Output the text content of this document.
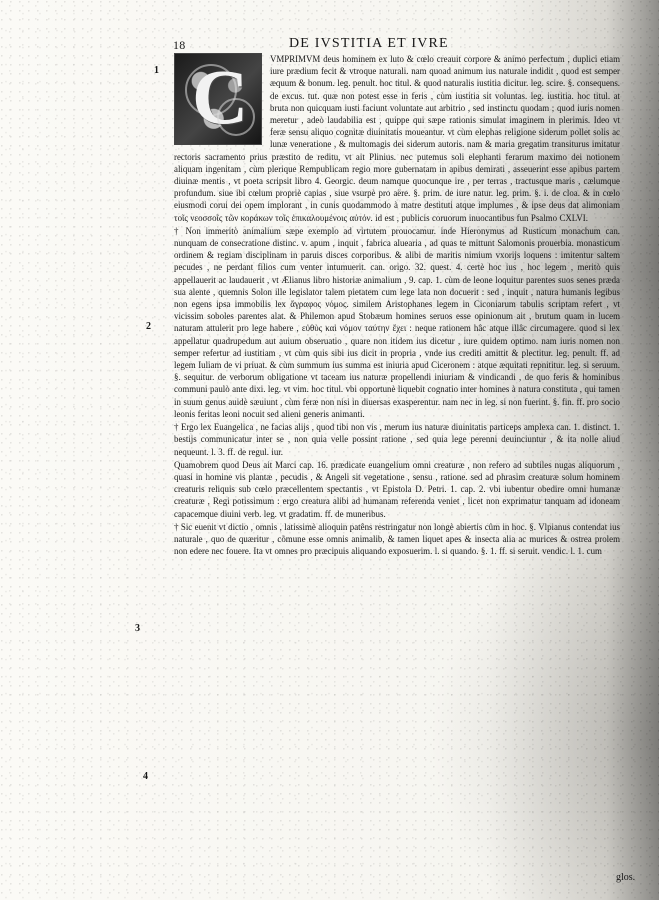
18	DE IVSTITIA ET IVRE
1
2
3
4

C VMPRIMVM deus hominem ex luto & cœlo creauit corpore & animo perfectum , duplici etiam iure prædium fecit & vtroque naturali. nam quoad animum ius naturale indidit , quod est semper æquum & bonum. leg. penult. hoc titul. & quod naturalis iustitia dicitur. leg. scire. §. consequens. de excus. tut. quæ non potest esse in feris , cùm iustitia sit voluntas. leg. iustitia. hoc titul. at bruta non quicquam iusti faciunt voluntate aut arbitrio , sed instinctu quodam ; quod iuris nomen meretur , adeò laudabilia est , quippe qui sæpe rationis simulat imaginem in plerimis. Ideo vt feræ sensu aliquo cognitæ diuinitatis moueantur. vt cùm elephas religione siderum pollet solis ac lunæ veneratione , & multomagis dei siderum autoris. nam & maria gregatim transiturus imitatur rectoris sacramento prius præstito de reditu, vt ait Plinius. nec putemus soli elephanti ferarum maximo dei notionem aliquam ingenitam , cùm plerique Rempublicam regio more gubernatam in apibus demirati , asseuerint esse apibus partem diuinæ mentis , vt poeta scripsit libro 4. Georgic. deum namque quocunque ire , per terras , tractusque maris , cælumque profundum. siue ibi cœlum propriè capias , siue vsurpè pro aëre. §. prim. de iure natur. leg. prim. §. i. de cloa. & in cœlo eiusmodi corui dei opem implorant , in cunis quodammodo à matre destituti atque implumes , & ipse deus dat alimoniam τοῖς νεοσσοῖς τῶν κοράκων τοῖς ἐπικαλουμένοις αὐτόν. id est , publicis coruorum inuocantibus fun Psalmo CXLVI.

† Non immeritò animalium sæpe exemplo ad virtutem prouocamur. inde Hieronymus ad Rusticum monachum can. nunquam de consecratione distinc. v. apum , inquit , fabrica aluearia , ad quas te mittunt Salomonis prouerbia. monasticum ordinem & regiam disciplinam in paruis disces corporibus. & alibi de maritis nimium vxorijs loquens : imitentur saltem pecudes , ne perdant filios cum venter intumuerit. can. origo. 32. quest. 4. certè hoc ius , hoc legem , meritò quis appellauerit ac laudauerit , vt Ælianus libro historiæ animalium , 9. cap. 1. cùm de leone loquitur parentes suos senes præda sua alente , quemnis Solon ille legislator talem pietatem cum lege lata non docuerit : sed , inquit , natura humanis legibus non egens ipsa immobilis lex ἄγραφος νόμος. similem Aristophanes legem in Ciconiarum tabulis scriptam refert , vt vicissim soboles parentes alat. & Philemon apud Stobæum homines seruos esse opinionum ait , brutum quam in lucem naturam attulerit pro lege habere , εὐθὺς καὶ νόμον ταύτην ἔχει : neque rationem hâc atque illâc circumagere. quod si lex appellatur quadrupedum aut auium obseruatio , quare non itidem ius dicetur , iure quidem optimo. nam iuris nomen non semper refertur ad iustitiam , vt cùm quis sibi ius dicit in propria , vnde ius crediti amittit & plectitur. leg. penult. ff. ad legem Iuliam de vi priuat. & cùm summum ius summa est iniuria apud Ciceronem : atque æquitati repnititur. leg. si seruum. §. sequitur. de verborum obligatione vt taceam ius naturæ propellendi iniuriam & vindicandi , de quo feris & hominibus communi paulò ante dixi. leg. vt vim. hoc titul. vbi opportunè liquebit cognatio inter homines à natura constituta , qui tamen in suum genus auidè sæuiunt , cùm feræ non nisi in diuersas exasperentur. nam nec in leg. si non fuerint. §. fin. ff. pro socio leonis feritas leoni nocuit sed alieni generis animanti.

† Ergo lex Euangelica , ne facias alijs , quod tibi non vis , merum ius naturæ diuinitatis particeps amplexa can. 1. distinct. 1. bestijs communicatur inter se , non quia velle possint ratione , sed quia lege perenni deuinciuntur , & ita nolle aliud nequeunt. l. 3. ff. de regul. iur.

Quamobrem quod Deus ait Marci cap. 16. prædicate euangelium omni creaturæ , non refero ad subtiles nugas aliquorum , quasi in homine vis plantæ , pecudis , & Angeli sit vegetatione , sensu , ratione. sed ad phrasim creaturæ solum hominem creaturis reliquis sub cœlo præcellentem spectantis , vt Epistola D. Petri. 1. cap. 2. vbi iubentur obedire omni humanæ creaturæ , Regi potissimum : ergo creatura alibi ad humanam referenda veniet , licet non exprimatur tanquam ad idoneam capacemque diuini verb. leg. vt gradatim. ff. de muneribus.

† Sic euenit vt dictio , omnis , latissimè alioquin patêns restringatur non longè abiertis cûm in hoc. §. Vlpianus contendat ius naturale , quo de quæritur , cõmune esse omnis animalib, & tamen liquet apes & insecta alia ac murices & ostrea prolem non edere nec fouere. Ita vt omnes pro præcipuis aliquando exposuerim. l. si quando. §. 1. ff. si seruit. vendic. l. 1. cum

glos.
